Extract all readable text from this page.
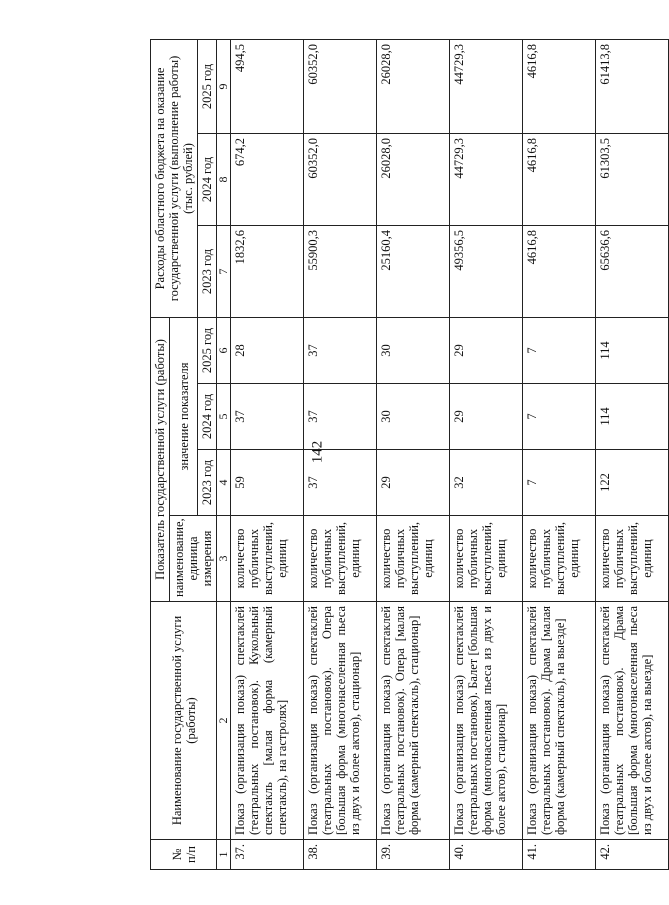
142
№ п/п	Наименование государственной услуги (работы)	Показатель государственной услуги (работы)				Расходы областного бюджета на оказание государственной услуги (выполнение работы) (тыс. рублей)		
		наименование, единица измерения	значение показателя					
			2023 год	2024 год	2025 год	2023 год	2024 год	2025 год
1	2	3	4	5	6	7	8	9
37.	Показ (организация показа) спектаклей (театральных постановок). Кукольный спектакль [малая форма (камерный спектакль), на гастролях]	количество публичных выступлений, единиц	59	37	28	1832,6	674,2	494,5
38.	Показ (организация показа) спектаклей (театральных постановок). Опера [большая форма (многонаселенная пьеса из двух и более актов), стационар]	количество публичных выступлений, единиц	37	37	37	55900,3	60352,0	60352,0
39.	Показ (организация показа) спектаклей (театральных постановок). Опера [малая форма (камерный спектакль), стационар]	количество публичных выступлений, единиц	29	30	30	25160,4	26028,0	26028,0
40.	Показ (организация показа) спектаклей (театральных постановок). Балет [большая форма (многонаселенная пьеса из двух и более актов), стационар]	количество публичных выступлений, единиц	32	29	29	49356,5	44729,3	44729,3
41.	Показ (организация показа) спектаклей (театральных постановок). Драма [малая форма (камерный спектакль), на выезде]	количество публичных выступлений, единиц	7	7	7	4616,8	4616,8	4616,8
42.	Показ (организация показа) спектаклей (театральных постановок). Драма [большая форма (многонаселенная пьеса из двух и более актов), на выезде]	количество публичных выступлений, единиц	122	114	114	65636,6	61303,5	61413,8
